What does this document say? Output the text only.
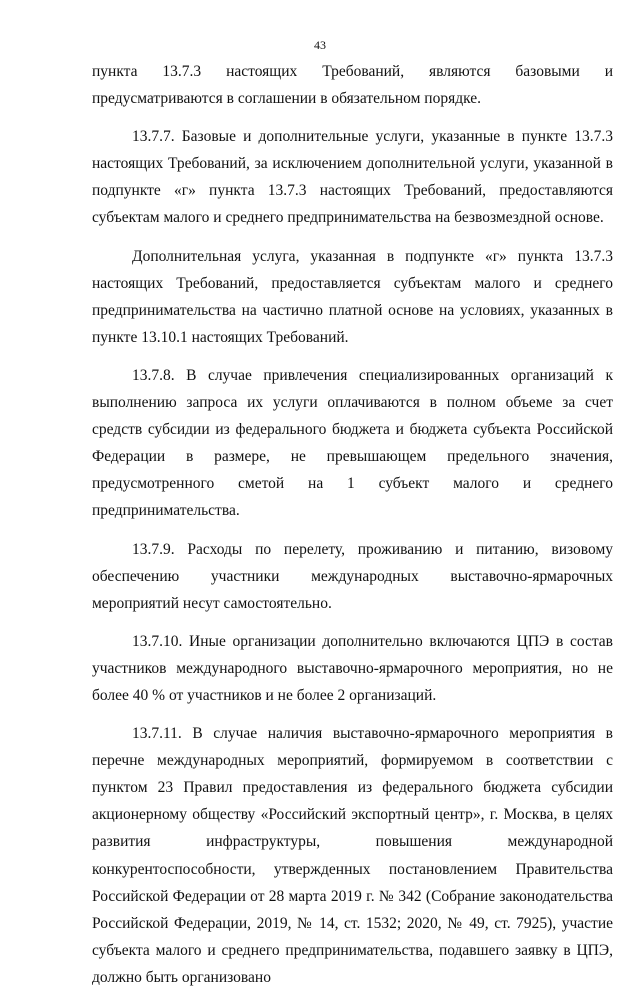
43

пункта 13.7.3 настоящих Требований, являются базовыми и предусматриваются в соглашении в обязательном порядке.

13.7.7. Базовые и дополнительные услуги, указанные в пункте 13.7.3 настоящих Требований, за исключением дополнительной услуги, указанной в подпункте «г» пункта 13.7.3 настоящих Требований, предоставляются субъектам малого и среднего предпринимательства на безвозмездной основе.

Дополнительная услуга, указанная в подпункте «г» пункта 13.7.3 настоящих Требований, предоставляется субъектам малого и среднего предпринимательства на частично платной основе на условиях, указанных в пункте 13.10.1 настоящих Требований.

13.7.8. В случае привлечения специализированных организаций к выполнению запроса их услуги оплачиваются в полном объеме за счет средств субсидии из федерального бюджета и бюджета субъекта Российской Федерации в размере, не превышающем предельного значения, предусмотренного сметой на 1 субъект малого и среднего предпринимательства.

13.7.9. Расходы по перелету, проживанию и питанию, визовому обеспечению участники международных выставочно-ярмарочных мероприятий несут самостоятельно.

13.7.10. Иные организации дополнительно включаются ЦПЭ в состав участников международного выставочно-ярмарочного мероприятия, но не более 40 % от участников и не более 2 организаций.

13.7.11. В случае наличия выставочно-ярмарочного мероприятия в перечне международных мероприятий, формируемом в соответствии с пунктом 23 Правил предоставления из федерального бюджета субсидии акционерному обществу «Российский экспортный центр», г. Москва, в целях развития инфраструктуры, повышения международной конкурентоспособности, утвержденных постановлением Правительства Российской Федерации от 28 марта 2019 г. № 342 (Собрание законодательства Российской Федерации, 2019, № 14, ст. 1532; 2020, № 49, ст. 7925), участие субъекта малого и среднего предпринимательства, подавшего заявку в ЦПЭ, должно быть организовано
